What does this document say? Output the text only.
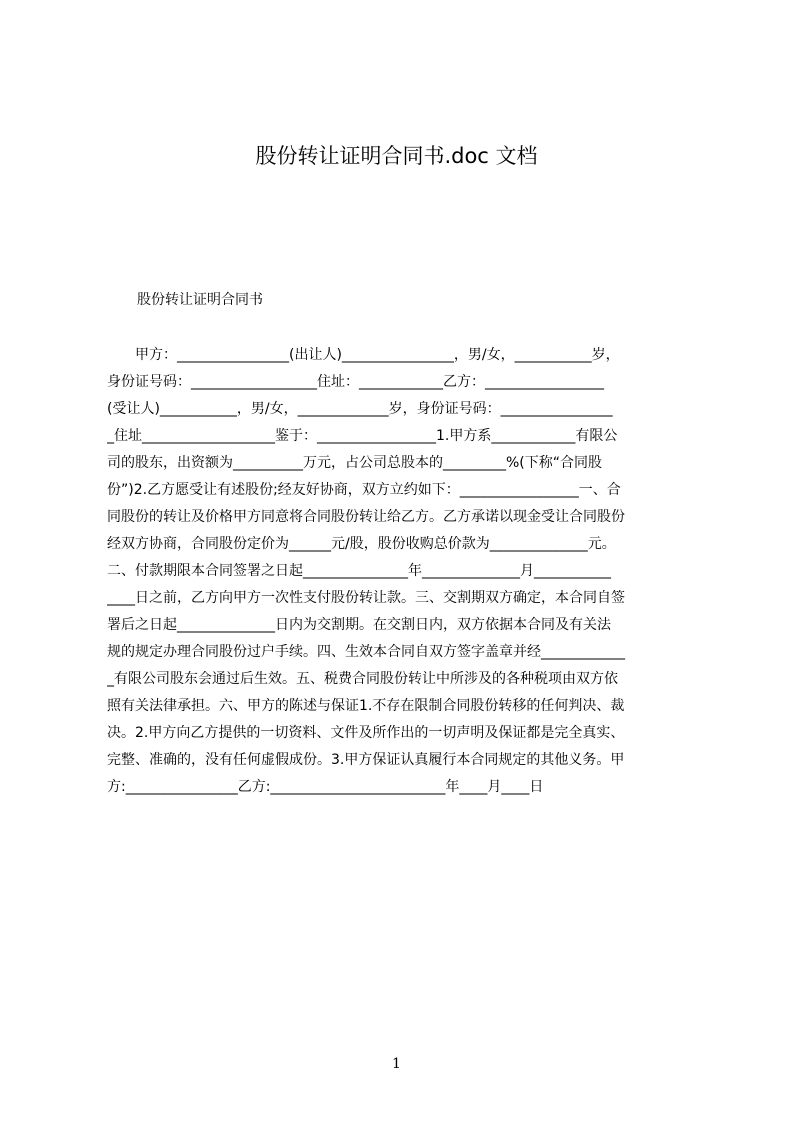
股份转让证明合同书.doc 文档
股份转让证明合同书
　　甲方：________________(出让人)________________，男/女，___________岁，
身份证号码：__________________住址：____________乙方：_________________
(受让人)___________，男/女，_____________岁，身份证号码：________________
_住址___________________鉴于：_________________1.甲方系____________有限公
司的股东，出资额为__________万元，占公司总股本的_________%(下称“合同股
份”)2.乙方愿受让有述股份;经友好协商，双方立约如下：_________________一、合
同股份的转让及价格甲方同意将合同股份转让给乙方。乙方承诺以现金受让合同股份
经双方协商，合同股份定价为______元/股，股份收购总价款为______________元。
二、付款期限本合同签署之日起_______________年______________月___________
____日之前，乙方向甲方一次性支付股份转让款。三、交割期双方确定，本合同自签
署后之日起______________日内为交割期。在交割日内，双方依据本合同及有关法
规的规定办理合同股份过户手续。四、生效本合同自双方签字盖章并经____________
_有限公司股东会通过后生效。五、税费合同股份转让中所涉及的各种税项由双方依
照有关法律承担。六、甲方的陈述与保证1.不存在限制合同股份转移的任何判决、裁
决。2.甲方向乙方提供的一切资料、文件及所作出的一切声明及保证都是完全真实、
完整、准确的，没有任何虚假成份。3.甲方保证认真履行本合同规定的其他义务。甲
方:________________乙方:_________________________年____月____日
1
